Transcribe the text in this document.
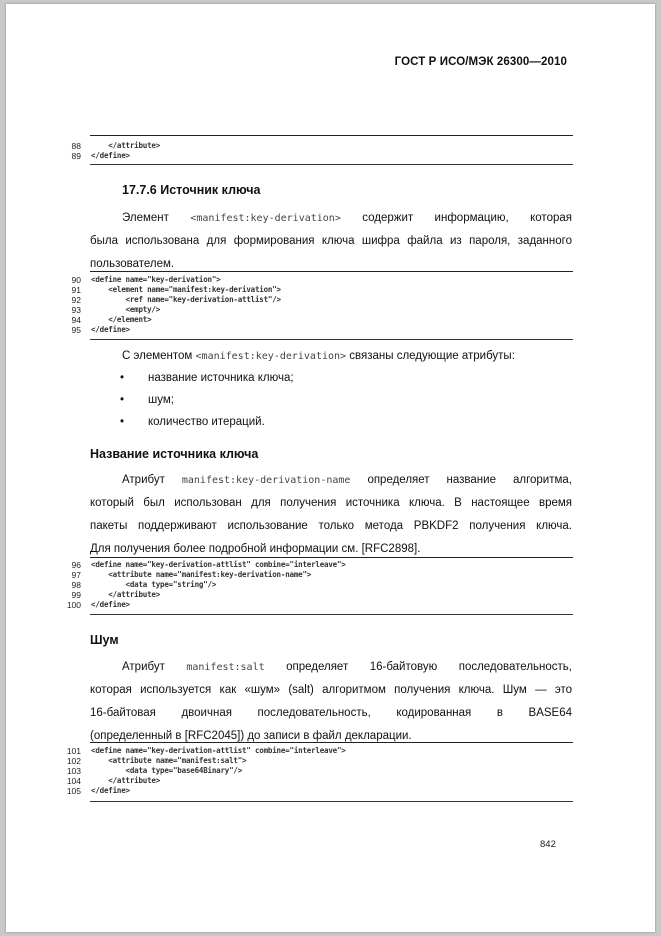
ГОСТ Р ИСО/МЭК 26300—2010
88 </attribute>
89 </define>
17.7.6 Источник ключа
Элемент <manifest:key-derivation> содержит информацию, которая
была использована для формирования ключа шифра файла из пароля, заданного
пользователем.
90 <define name="key-derivation">
91 <element name="manifest:key-derivation">
92 <ref name="key-derivation-attlist"/>
93 <empty/>
94 </element>
95 </define>
С элементом <manifest:key-derivation> связаны следующие атрибуты:
• название источника ключа;
• шум;
• количество итераций.
Название источника ключа
Атрибут manifest:key-derivation-name определяет название алгоритма,
который был использован для получения источника ключа. В настоящее время
пакеты поддерживают использование только метода PBKDF2 получения ключа.
Для получения более подробной информации см. [RFC2898].
96 <define name="key-derivation-attlist" combine="interleave">
97 <attribute name="manifest:key-derivation-name">
98 <data type="string"/>
99 </attribute>
100 </define>
Шум
Атрибут manifest:salt определяет 16-байтовую последовательность,
которая используется как «шум» (salt) алгоритмом получения ключа. Шум — это
16-байтовая двоичная последовательность, кодированная в BASE64
(определенный в [RFC2045]) до записи в файл декларации.
101 <define name="key-derivation-attlist" combine="interleave">
102 <attribute name="manifest:salt">
103 <data type="base64Binary"/>
104 </attribute>
105 </define>
842
